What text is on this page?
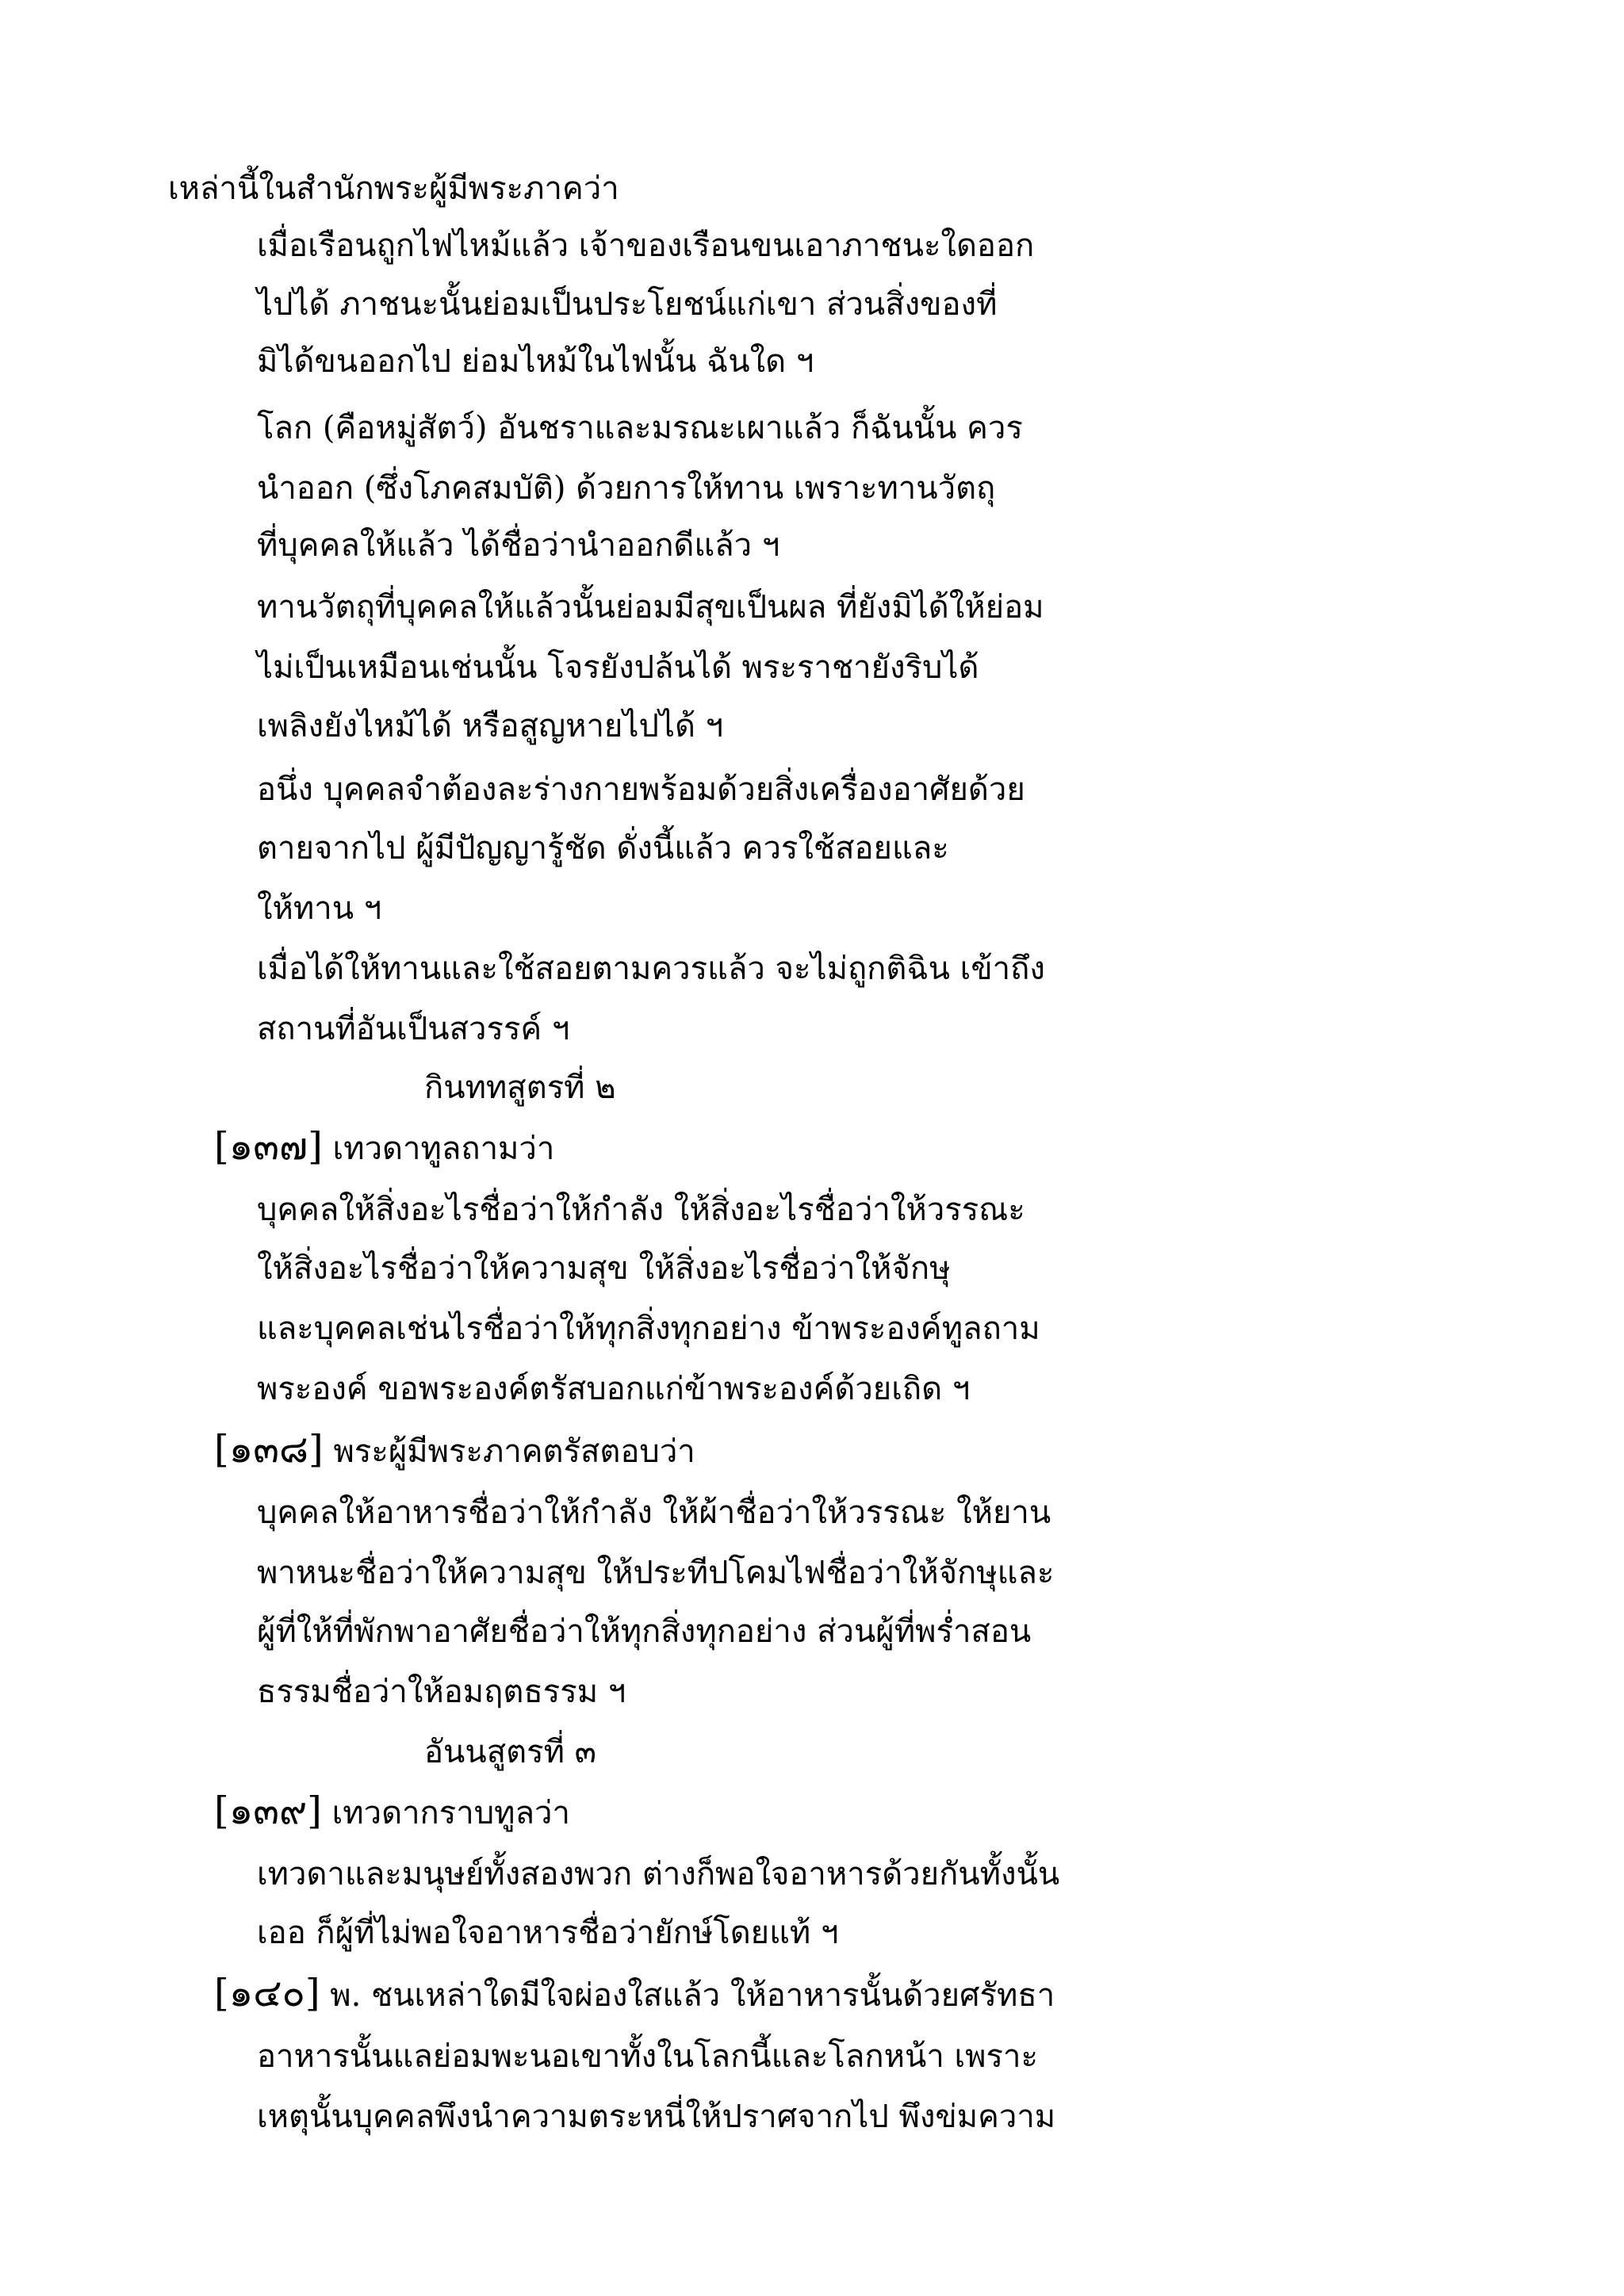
เหล่านี้ในสำนักพระผู้มีพระภาคว่า
เมื่อเรือนถูกไฟไหม้แล้ว เจ้าของเรือนขนเอาภาชนะใดออก
ไปได้ ภาชนะนั้นย่อมเป็นประโยชน์แก่เขา ส่วนสิ่งของที่
มิได้ขนออกไป ย่อมไหม้ในไฟนั้น ฉันใด ฯ
โลก (คือหมู่สัตว์) อันชราและมรณะเผาแล้ว ก็ฉันนั้น ควร
นำออก (ซึ่งโภคสมบัติ) ด้วยการให้ทาน เพราะทานวัตถุ
ที่บุคคลให้แล้ว ได้ชื่อว่านำออกดีแล้ว ฯ
ทานวัตถุที่บุคคลให้แล้วนั้นย่อมมีสุขเป็นผล ที่ยังมิได้ให้ย่อม
ไม่เป็นเหมือนเช่นนั้น โจรยังปล้นได้ พระราชายังริบได้
เพลิงยังไหม้ได้ หรือสูญหายไปได้ ฯ
อนึ่ง บุคคลจำต้องละร่างกายพร้อมด้วยสิ่งเครื่องอาศัยด้วย
ตายจากไป ผู้มีปัญญารู้ชัด ดั่งนี้แล้ว ควรใช้สอยและ
ให้ทาน ฯ
เมื่อได้ให้ทานและใช้สอยตามควรแล้ว จะไม่ถูกติฉิน เข้าถึง
สถานที่อันเป็นสวรรค์ ฯ
กินททสูตรที่ ๒
[๑๓๗] เทวดาทูลถามว่า
บุคคลให้สิ่งอะไรชื่อว่าให้กำลัง ให้สิ่งอะไรชื่อว่าให้วรรณะ
ให้สิ่งอะไรชื่อว่าให้ความสุข ให้สิ่งอะไรชื่อว่าให้จักษุ
และบุคคลเช่นไรชื่อว่าให้ทุกสิ่งทุกอย่าง ข้าพระองค์ทูลถาม
พระองค์ ขอพระองค์ตรัสบอกแก่ข้าพระองค์ด้วยเถิด ฯ
[๑๓๘] พระผู้มีพระภาคตรัสตอบว่า
บุคคลให้อาหารชื่อว่าให้กำลัง ให้ผ้าชื่อว่าให้วรรณะ ให้ยาน
พาหนะชื่อว่าให้ความสุข ให้ประทีปโคมไฟชื่อว่าให้จักษุและ
ผู้ที่ให้ที่พักพาอาศัยชื่อว่าให้ทุกสิ่งทุกอย่าง ส่วนผู้ที่พร่ำสอน
ธรรมชื่อว่าให้อมฤตธรรม ฯ
อันนสูตรที่ ๓
[๑๓๙] เทวดากราบทูลว่า
เทวดาและมนุษย์ทั้งสองพวก ต่างก็พอใจอาหารด้วยกันทั้งนั้น
เออ ก็ผู้ที่ไม่พอใจอาหารชื่อว่ายักษ์โดยแท้ ฯ
[๑๔๐] พ. ชนเหล่าใดมีใจผ่องใสแล้ว ให้อาหารนั้นด้วยศรัทธา
อาหารนั้นแลย่อมพะนอเขาทั้งในโลกนี้และโลกหน้า เพราะ
เหตุนั้นบุคคลพึงนำความตระหนี่ให้ปราศจากไป พึงข่มความ
